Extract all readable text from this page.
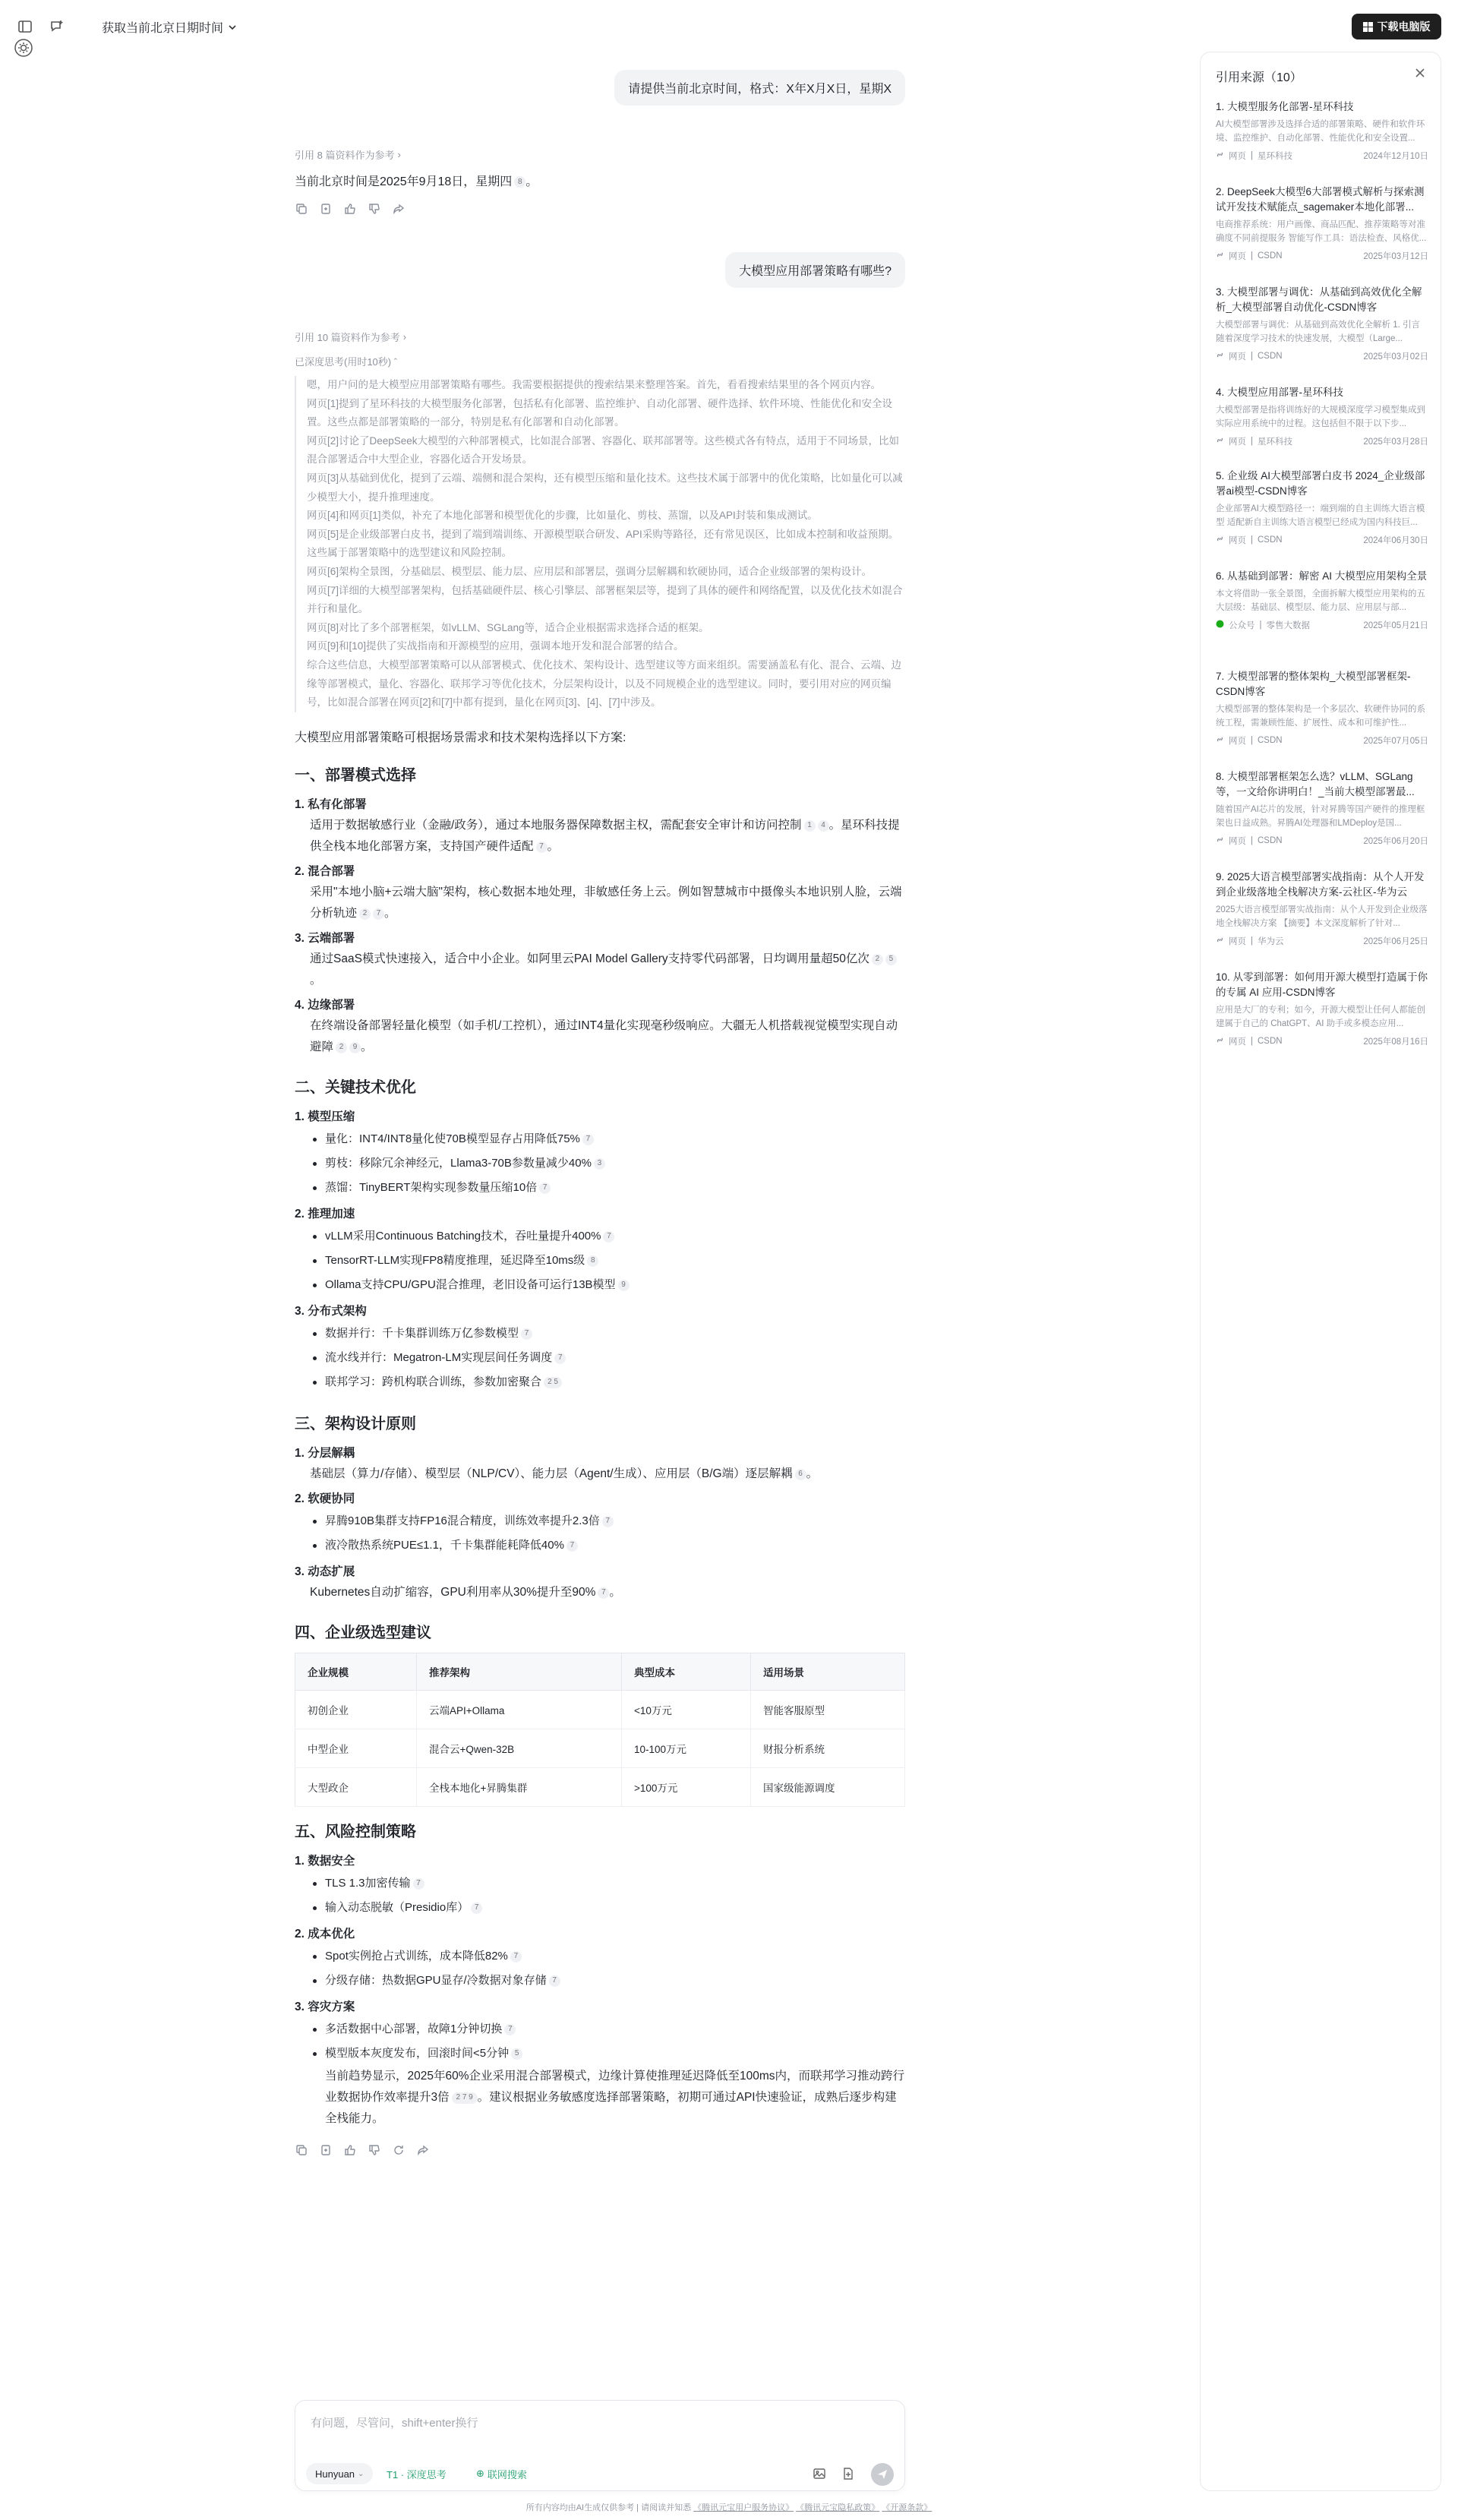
获取当前北京日期时间	下载电脑版
请提供当前北京时间，格式：X年X月X日，星期X
引用 8 篇资料作为参考 ›
当前北京时间是2025年9月18日，星期四 8 。
大模型应用部署策略有哪些?
引用 10 篇资料作为参考 ›
已深度思考(用时10秒) ˆ
嗯，用户问的是大模型应用部署策略有哪些。我需要根据提供的搜索结果来整理答案。首先，看看搜索结果里的各个网页内容。
网页[1]提到了星环科技的大模型服务化部署，包括私有化部署、监控维护、自动化部署、硬件选择、软件环境、性能优化和安全设置。这些点都是部署策略的一部分，特别是私有化部署和自动化部署。
网页[2]讨论了DeepSeek大模型的六种部署模式，比如混合部署、容器化、联邦部署等。这些模式各有特点，适用于不同场景，比如混合部署适合中大型企业，容器化适合开发场景。
网页[3]从基础到优化，提到了云端、端侧和混合架构，还有模型压缩和量化技术。这些技术属于部署中的优化策略，比如量化可以减少模型大小，提升推理速度。
网页[4]和网页[1]类似，补充了本地化部署和模型优化的步骤，比如量化、剪枝、蒸馏，以及API封装和集成测试。
网页[5]是企业级部署白皮书，提到了端到端训练、开源模型联合研发、API采购等路径，还有常见误区，比如成本控制和收益预期。这些属于部署策略中的选型建议和风险控制。
网页[6]架构全景图，分基础层、模型层、能力层、应用层和部署层，强调分层解耦和软硬协同，适合企业级部署的架构设计。
网页[7]详细的大模型部署架构，包括基础硬件层、核心引擎层、部署框架层等，提到了具体的硬件和网络配置，以及优化技术如混合并行和量化。
网页[8]对比了多个部署框架，如vLLM、SGLang等，适合企业根据需求选择合适的框架。
网页[9]和[10]提供了实战指南和开源模型的应用，强调本地开发和混合部署的结合。
综合这些信息，大模型部署策略可以从部署模式、优化技术、架构设计、选型建议等方面来组织。需要涵盖私有化、混合、云端、边缘等部署模式，量化、容器化、联邦学习等优化技术，分层架构设计，以及不同规模企业的选型建议。同时，要引用对应的网页编号，比如混合部署在网页[2]和[7]中都有提到，量化在网页[3]、[4]、[7]中涉及。
大模型应用部署策略可根据场景需求和技术架构选择以下方案:
一、部署模式选择
1. 私有化部署
适用于数据敏感行业（金融/政务），通过本地服务器保障数据主权，需配套安全审计和访问控制 1 4 。星环科技提供全栈本地化部署方案，支持国产硬件适配 7 。
2. 混合部署
采用"本地小脑+云端大脑"架构，核心数据本地处理，非敏感任务上云。例如智慧城市中摄像头本地识别人脸，云端分析轨迹 2 7 。
3. 云端部署
通过SaaS模式快速接入，适合中小企业。如阿里云PAI Model Gallery支持零代码部署，日均调用量超50亿次 2 5。
4. 边缘部署
在终端设备部署轻量化模型（如手机/工控机），通过INT4量化实现毫秒级响应。大疆无人机搭载视觉模型实现自动避障 2 9 。
二、关键技术优化
1. 模型压缩
量化：INT4/INT8量化使70B模型显存占用降低75% 7
剪枝：移除冗余神经元，Llama3-70B参数量减少40% 3
蒸馏：TinyBERT架构实现参数量压缩10倍 7
2. 推理加速
vLLM采用Continuous Batching技术，吞吐量提升400% 7
TensorRT-LLM实现FP8精度推理，延迟降至10ms级 8
Ollama支持CPU/GPU混合推理，老旧设备可运行13B模型 9
3. 分布式架构
数据并行：千卡集群训练万亿参数模型 7
流水线并行：Megatron-LM实现层间任务调度 7
联邦学习：跨机构联合训练，参数加密聚合 2 5
三、架构设计原则
1. 分层解耦
基础层（算力/存储）、模型层（NLP/CV）、能力层（Agent/生成）、应用层（B/G端）逐层解耦 6 。
2. 软硬协同
昇腾910B集群支持FP16混合精度，训练效率提升2.3倍 7
液冷散热系统PUE≤1.1，千卡集群能耗降低40% 7
3. 动态扩展
Kubernetes自动扩缩容，GPU利用率从30%提升至90% 7 。
四、企业级选型建议
企业规模	推荐架构	典型成本	适用场景
初创企业	云端API+Ollama	<10万元	智能客服原型
中型企业	混合云+Qwen-32B	10-100万元	财报分析系统
大型政企	全栈本地化+昇腾集群	>100万元	国家级能源调度
五、风险控制策略
1. 数据安全
TLS 1.3加密传输 7
输入动态脱敏（Presidio库） 7
2. 成本优化
Spot实例抢占式训练，成本降低82% 7
分级存储：热数据GPU显存/冷数据对象存储 7
3. 容灾方案
多活数据中心部署，故障1分钟切换 7
模型版本灰度发布，回滚时间<5分钟 5
当前趋势显示，2025年60%企业采用混合部署模式，边缘计算使推理延迟降低至100ms内，而联邦学习推动跨行业数据协作效率提升3倍 2 7 9 。建议根据业务敏感度选择部署策略，初期可通过API快速验证，成熟后逐步构建全栈能力。
有问题，尽管问，shift+enter换行
Hunyuan ⌄ T1 · 深度思考	⊕ 联网搜索
所有内容均由AI生成仅供参考 | 请阅读并知悉 《腾讯元宝用户服务协议》 《腾讯元宝隐私政策》 《开源条款》
引用来源（10）
1. 大模型服务化部署-星环科技
AI大模型部署涉及选择合适的部署策略、硬件和软件环境、监控维护、自动化部署、性能优化和安全设置...
网页 | 星环科技	2024年12月10日
2. DeepSeek大模型6大部署模式解析与探索测试开发技术赋能点_sagemaker本地化部署...
电商推荐系统：用户画像、商品匹配、推荐策略等对准确度不同前提服务 智能写作工具：语法检查、风格优...
网页 | CSDN	2025年03月12日
3. 大模型部署与调优：从基础到高效优化全解析_大模型部署自动优化-CSDN博客
大模型部署与调优：从基础到高效优化全解析 1. 引言 随着深度学习技术的快速发展，大模型（Large...
网页 | CSDN	2025年03月02日
4. 大模型应用部署-星环科技
大模型部署是指将训练好的大规模深度学习模型集成到实际应用系统中的过程。这包括但不限于以下步...
网页 | 星环科技	2025年03月28日
5. 企业级 AI大模型部署白皮书 2024_企业级部署ai模型-CSDN博客
企业部署AI大模型路径一：端到端的自主训练大语言模型 适配新自主训练大语言模型已经成为国内科技巨...
网页 | CSDN	2024年06月30日
6. 从基础到部署：解密 AI 大模型应用架构全景
本文将借助一张全景图，全面拆解大模型应用架构的五大层级：基础层、模型层、能力层、应用层与部...
公众号 | 零售大数据	2025年05月21日
7. 大模型部署的整体架构_大模型部署框架-CSDN博客
大模型部署的整体架构是一个多层次、软硬件协同的系统工程，需兼顾性能、扩展性、成本和可维护性...
网页 | CSDN	2025年07月05日
8. 大模型部署框架怎么选？vLLM、SGLang等，一文给你讲明白！_当前大模型部署最...
随着国产AI芯片的发展，针对昇腾等国产硬件的推理框架也日益成熟。昇腾AI处理器和LMDeploy是国...
网页 | CSDN	2025年06月20日
9. 2025大语言模型部署实战指南：从个人开发到企业级落地全栈解决方案-云社区-华为云
2025大语言模型部署实战指南：从个人开发到企业级落地全栈解决方案 【摘要】本文深度解析了针对...
网页 | 华为云	2025年06月25日
10. 从零到部署：如何用开源大模型打造属于你的专属 AI 应用-CSDN博客
应用是大厂的专利；如今，开源大模型让任何人都能创建属于自己的 ChatGPT、AI 助手或多模态应用...
网页 | CSDN	2025年08月16日
